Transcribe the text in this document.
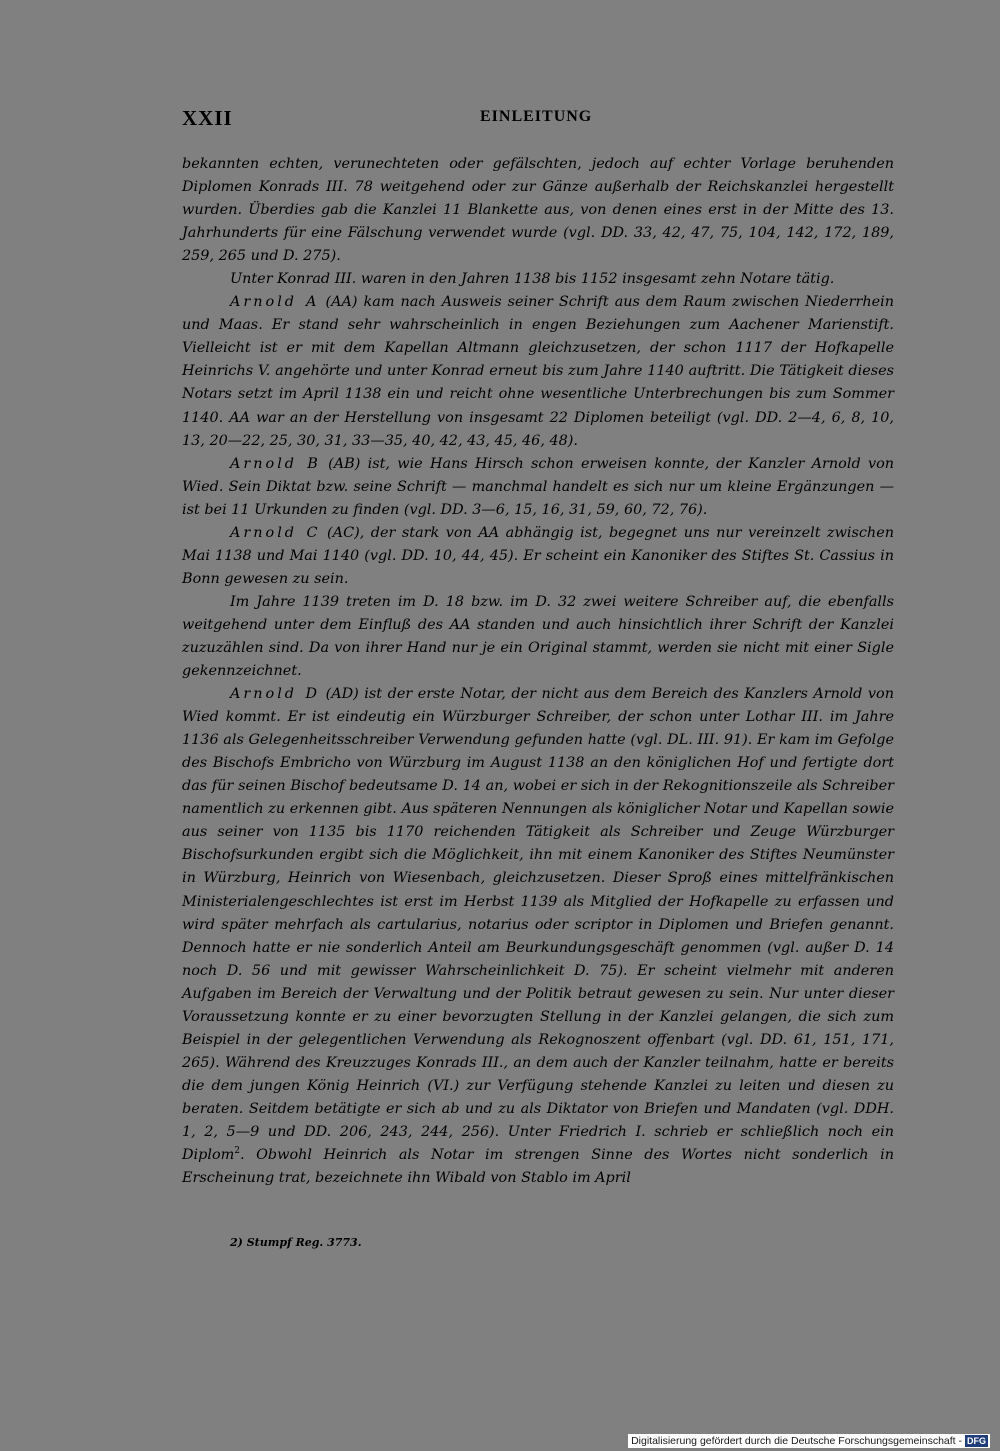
XXII	EINLEITUNG

bekannten echten, verunechteten oder gefälschten, jedoch auf echter Vorlage beruhenden Diplomen Konrads III. 78 weitgehend oder zur Gänze außerhalb der Reichskanzlei hergestellt wurden. Überdies gab die Kanzlei 11 Blankette aus, von denen eines erst in der Mitte des 13. Jahrhunderts für eine Fälschung verwendet wurde (vgl. DD. 33, 42, 47, 75, 104, 142, 172, 189, 259, 265 und D. 275).

Unter Konrad III. waren in den Jahren 1138 bis 1152 insgesamt zehn Notare tätig.

Arnold A (AA) kam nach Ausweis seiner Schrift aus dem Raum zwischen Niederrhein und Maas. Er stand sehr wahrscheinlich in engen Beziehungen zum Aachener Marienstift. Vielleicht ist er mit dem Kapellan Altmann gleichzusetzen, der schon 1117 der Hofkapelle Heinrichs V. angehörte und unter Konrad erneut bis zum Jahre 1140 auftritt. Die Tätigkeit dieses Notars setzt im April 1138 ein und reicht ohne wesentliche Unterbrechungen bis zum Sommer 1140. AA war an der Herstellung von insgesamt 22 Diplomen beteiligt (vgl. DD. 2—4, 6, 8, 10, 13, 20—22, 25, 30, 31, 33—35, 40, 42, 43, 45, 46, 48).

Arnold B (AB) ist, wie Hans Hirsch schon erweisen konnte, der Kanzler Arnold von Wied. Sein Diktat bzw. seine Schrift — manchmal handelt es sich nur um kleine Ergänzungen — ist bei 11 Urkunden zu finden (vgl. DD. 3—6, 15, 16, 31, 59, 60, 72, 76).

Arnold C (AC), der stark von AA abhängig ist, begegnet uns nur vereinzelt zwischen Mai 1138 und Mai 1140 (vgl. DD. 10, 44, 45). Er scheint ein Kanoniker des Stiftes St. Cassius in Bonn gewesen zu sein.

Im Jahre 1139 treten im D. 18 bzw. im D. 32 zwei weitere Schreiber auf, die ebenfalls weitgehend unter dem Einfluß des AA standen und auch hinsichtlich ihrer Schrift der Kanzlei zuzuzählen sind. Da von ihrer Hand nur je ein Original stammt, werden sie nicht mit einer Sigle gekennzeichnet.

Arnold D (AD) ist der erste Notar, der nicht aus dem Bereich des Kanzlers Arnold von Wied kommt. Er ist eindeutig ein Würzburger Schreiber, der schon unter Lothar III. im Jahre 1136 als Gelegenheitsschreiber Verwendung gefunden hatte (vgl. DL. III. 91). Er kam im Gefolge des Bischofs Embricho von Würzburg im August 1138 an den königlichen Hof und fertigte dort das für seinen Bischof bedeutsame D. 14 an, wobei er sich in der Rekognitionszeile als Schreiber namentlich zu erkennen gibt. Aus späteren Nennungen als königlicher Notar und Kapellan sowie aus seiner von 1135 bis 1170 reichenden Tätigkeit als Schreiber und Zeuge Würzburger Bischofsurkunden ergibt sich die Möglichkeit, ihn mit einem Kanoniker des Stiftes Neumünster in Würzburg, Heinrich von Wiesenbach, gleichzusetzen. Dieser Sproß eines mittelfränkischen Ministerialengeschlechtes ist erst im Herbst 1139 als Mitglied der Hofkapelle zu erfassen und wird später mehrfach als cartularius, notarius oder scriptor in Diplomen und Briefen genannt. Dennoch hatte er nie sonderlich Anteil am Beurkundungsgeschäft genommen (vgl. außer D. 14 noch D. 56 und mit gewisser Wahrscheinlichkeit D. 75). Er scheint vielmehr mit anderen Aufgaben im Bereich der Verwaltung und der Politik betraut gewesen zu sein. Nur unter dieser Voraussetzung konnte er zu einer bevorzugten Stellung in der Kanzlei gelangen, die sich zum Beispiel in der gelegentlichen Verwendung als Rekognoszent offenbart (vgl. DD. 61, 151, 171, 265). Während des Kreuzzuges Konrads III., an dem auch der Kanzler teilnahm, hatte er bereits die dem jungen König Heinrich (VI.) zur Verfügung stehende Kanzlei zu leiten und diesen zu beraten. Seitdem betätigte er sich ab und zu als Diktator von Briefen und Mandaten (vgl. DDH. 1, 2, 5—9 und DD. 206, 243, 244, 256). Unter Friedrich I. schrieb er schließlich noch ein Diplom$^2$. Obwohl Heinrich als Notar im strengen Sinne des Wortes nicht sonderlich in Erscheinung trat, bezeichnete ihn Wibald von Stablo im April

2) Stumpf Reg. 3773.
Digitalisierung gefördert durch die Deutsche Forschungsgemeinschaft - DFG
